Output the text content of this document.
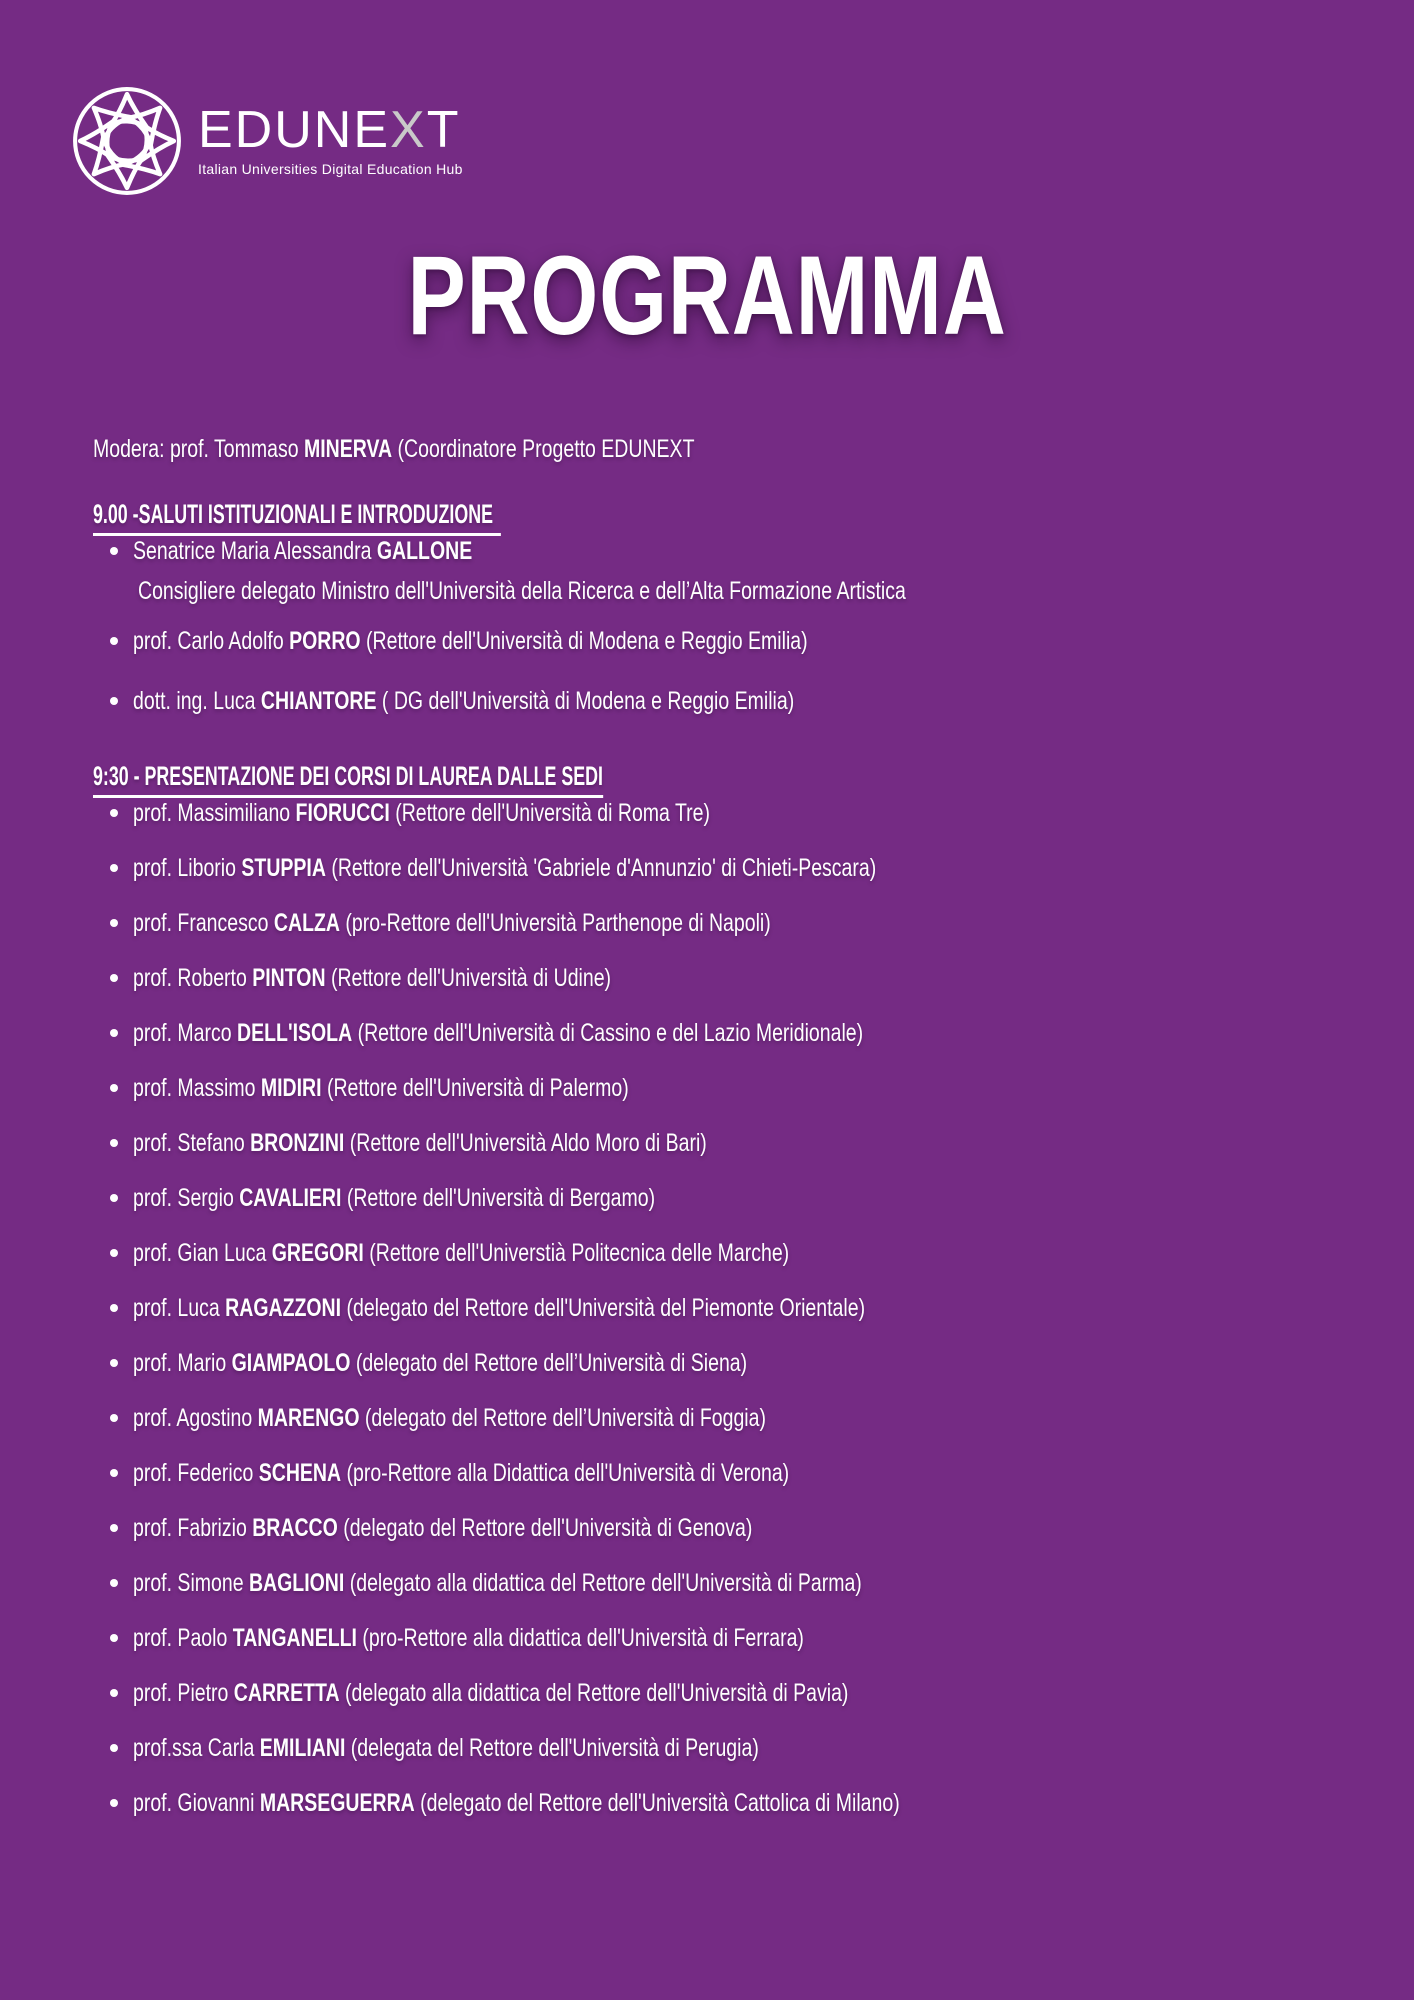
EDUNEXT
Italian Universities Digital Education Hub
PROGRAMMA

Modera: prof. Tommaso MINERVA (Coordinatore Progetto EDUNEXT

9.00 -SALUTI ISTITUZIONALI E INTRODUZIONE
Senatrice Maria Alessandra GALLONE
Consigliere delegato Ministro dell'Università della Ricerca e dell’Alta Formazione Artistica
prof. Carlo Adolfo PORRO (Rettore dell'Università di Modena e Reggio Emilia)
dott. ing. Luca CHIANTORE ( DG dell'Università di Modena e Reggio Emilia)
9:30 - PRESENTAZIONE DEI CORSI DI LAUREA DALLE SEDI
prof. Massimiliano FIORUCCI (Rettore dell'Università di Roma Tre)
prof. Liborio STUPPIA (Rettore dell'Università 'Gabriele d'Annunzio' di Chieti-Pescara)
prof. Francesco CALZA (pro-Rettore dell'Università Parthenope di Napoli)
prof. Roberto PINTON (Rettore dell'Università di Udine)
prof. Marco DELL'ISOLA (Rettore dell'Università di Cassino e del Lazio Meridionale)
prof. Massimo MIDIRI (Rettore dell'Università di Palermo)
prof. Stefano BRONZINI (Rettore dell'Università Aldo Moro di Bari)
prof. Sergio CAVALIERI (Rettore dell'Università di Bergamo)
prof. Gian Luca GREGORI (Rettore dell'Universtià Politecnica delle Marche)
prof. Luca RAGAZZONI (delegato del Rettore dell'Università del Piemonte Orientale)
prof. Mario GIAMPAOLO (delegato del Rettore dell’Università di Siena)
prof. Agostino MARENGO (delegato del Rettore dell’Università di Foggia)
prof. Federico SCHENA (pro-Rettore alla Didattica dell'Università di Verona)
prof. Fabrizio BRACCO (delegato del Rettore dell'Università di Genova)
prof. Simone BAGLIONI (delegato alla didattica del Rettore dell'Università di Parma)
prof. Paolo TANGANELLI (pro-Rettore alla didattica dell'Università di Ferrara)
prof. Pietro CARRETTA (delegato alla didattica del Rettore dell'Università di Pavia)
prof.ssa Carla EMILIANI (delegata del Rettore dell'Università di Perugia)
prof. Giovanni MARSEGUERRA (delegato del Rettore dell'Università Cattolica di Milano)
